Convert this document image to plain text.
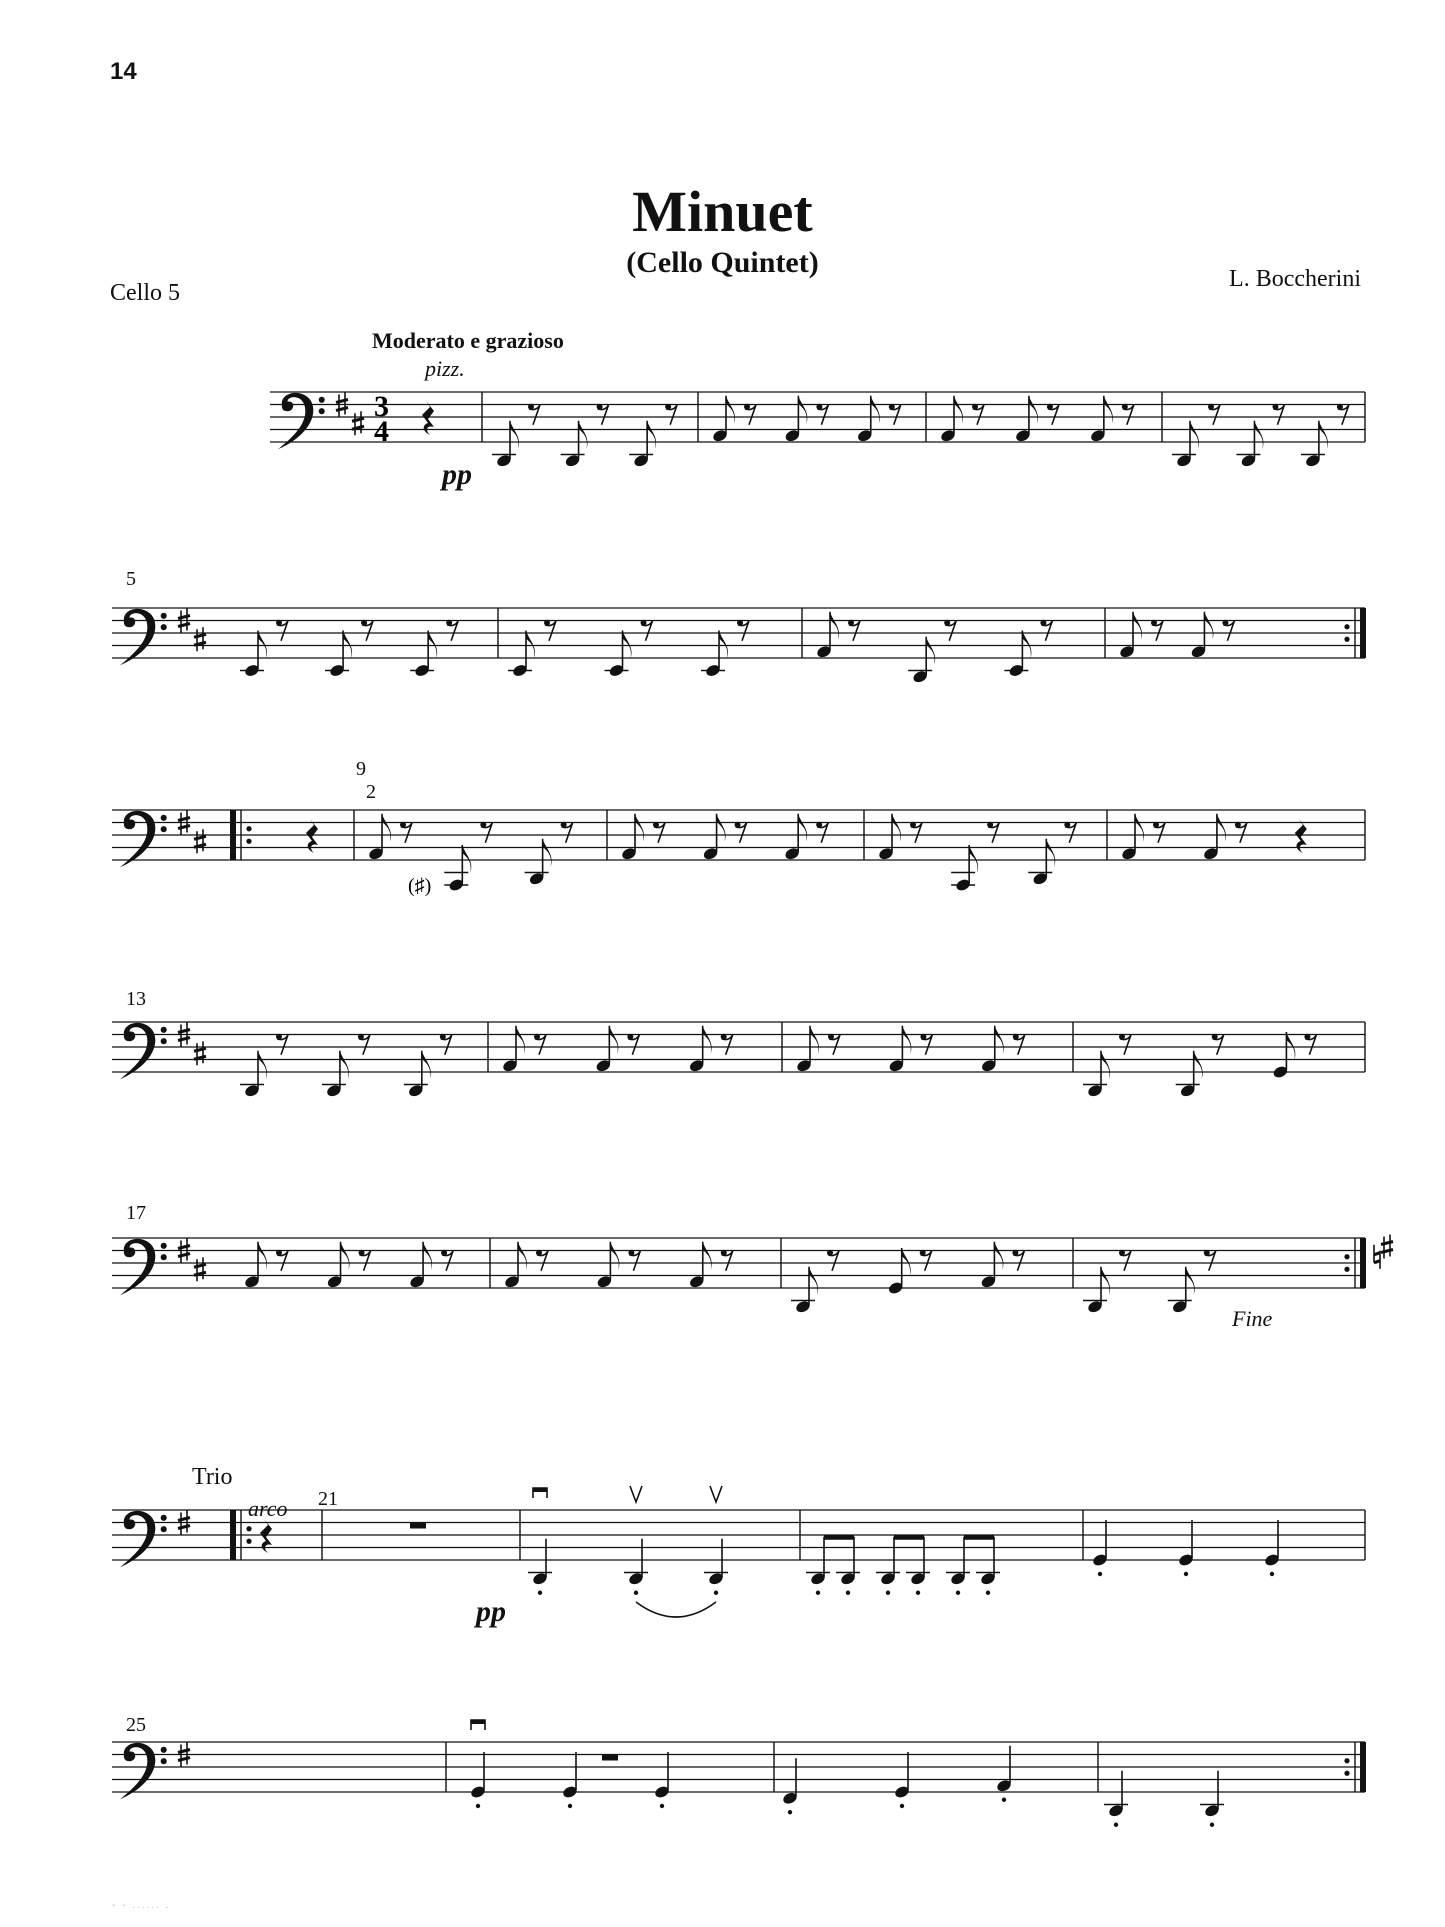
14
Minuet
(Cello Quintet)
Cello 5
L. Boccherini
Moderato e grazioso
pizz.
5
9
2
13
17
21
25
Trio
arco
Fine
pp
pp
- - ...... .
3
4
(♯)
